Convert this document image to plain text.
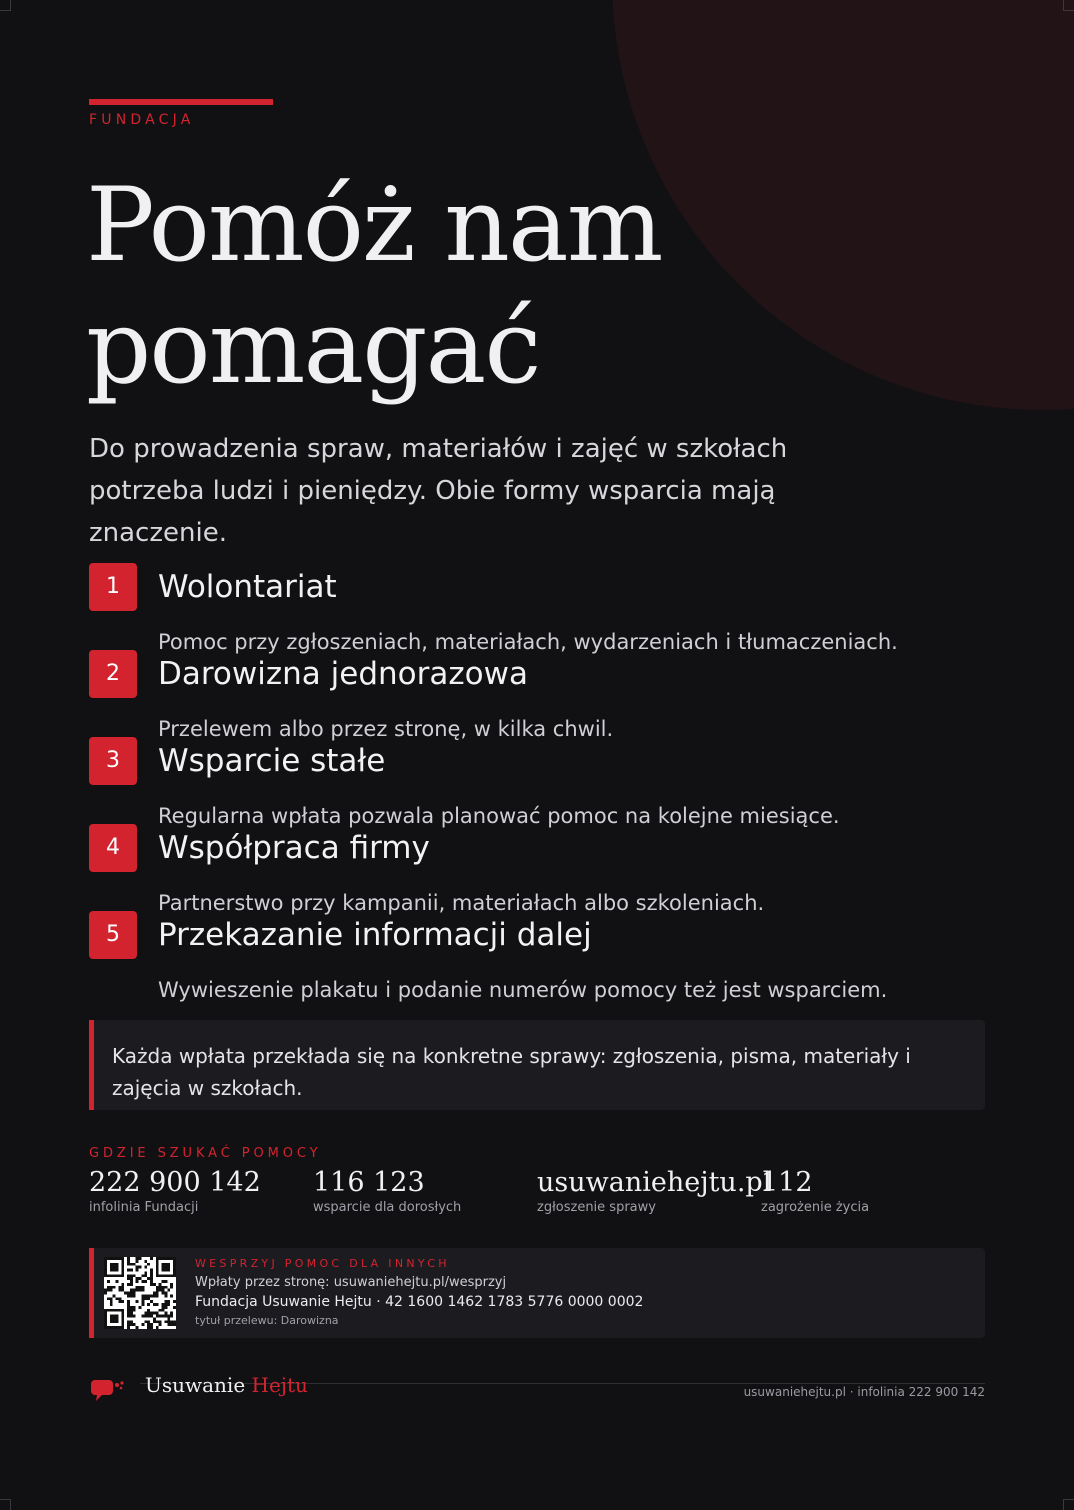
FUNDACJA
Pomóż nam
pomagać

Do prowadzenia spraw, materiałów i zajęć w szkołach potrzeba ludzi i pieniędzy. Obie formy wsparcia mają znaczenie.

1	Wolontariat
Pomoc przy zgłoszeniach, materiałach, wydarzeniach i tłumaczeniach.
2	Darowizna jednorazowa
Przelewem albo przez stronę, w kilka chwil.
3	Wsparcie stałe
Regularna wpłata pozwala planować pomoc na kolejne miesiące.
4	Współpraca firmy
Partnerstwo przy kampanii, materiałach albo szkoleniach.
5	Przekazanie informacji dalej
Wywieszenie plakatu i podanie numerów pomocy też jest wsparciem.

Każda wpłata przekłada się na konkretne sprawy: zgłoszenia, pisma, materiały i zajęcia w szkołach.

GDZIE SZUKAĆ POMOCY
222 900 142
infolinia Fundacji
116 123
wsparcie dla dorosłych
usuwaniehejtu.pl
zgłoszenie sprawy
112
zagrożenie życia
WESPRZYJ POMOC DLA INNYCH
Wpłaty przez stronę: usuwaniehejtu.pl/wesprzyj
Fundacja Usuwanie Hejtu · 42 1600 1462 1783 5776 0000 0002
tytuł przelewu: Darowizna
Usuwanie Hejtu	usuwaniehejtu.pl · infolinia 222 900 142
